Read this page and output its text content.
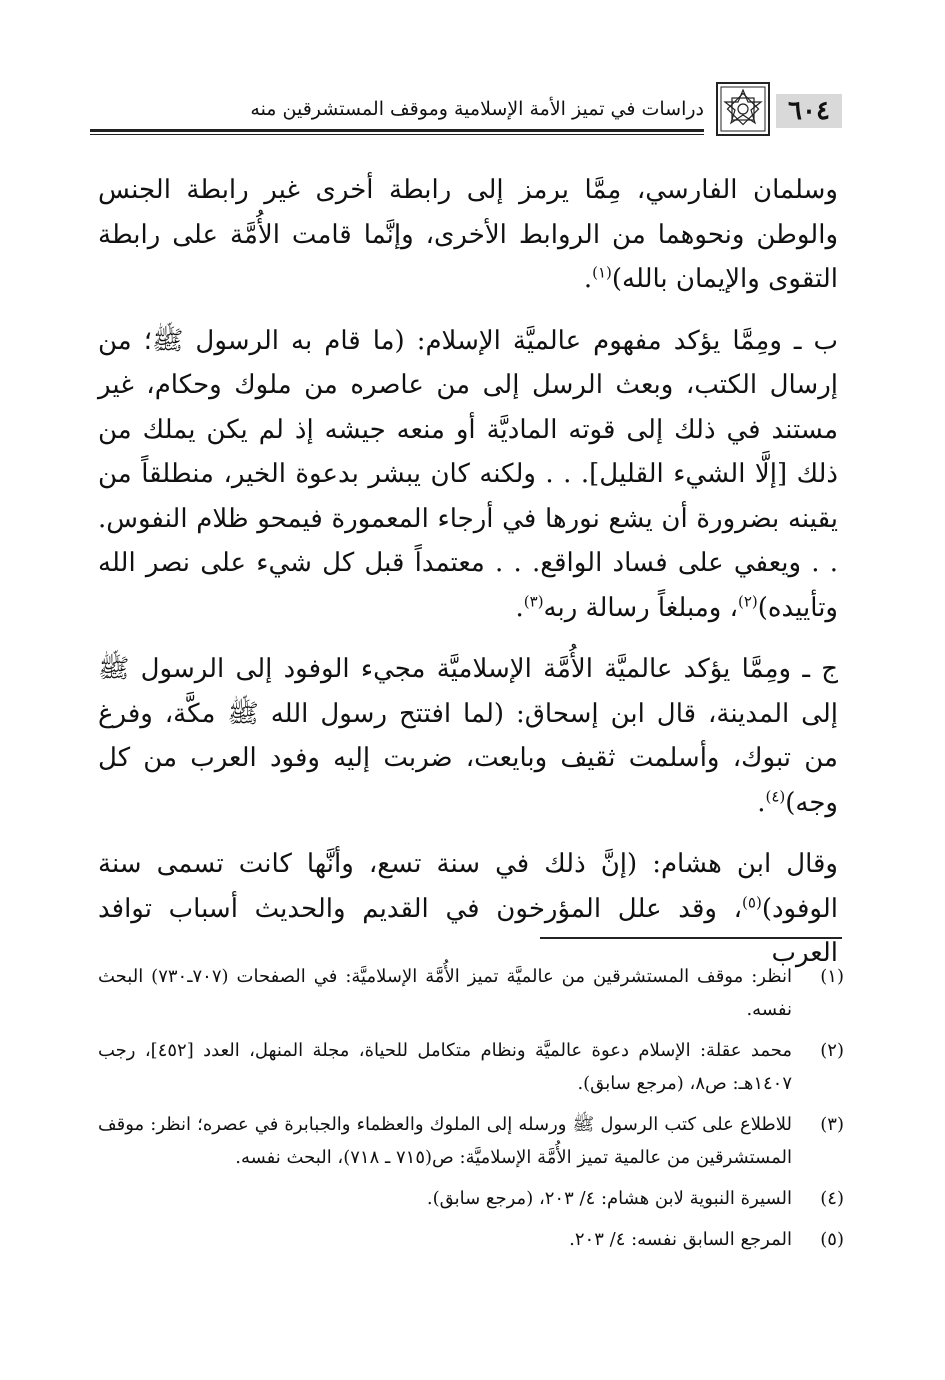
٦٠٤
دراسات في تميز الأمة الإسلامية وموقف المستشرقين منه

وسلمان الفارسي، مِمَّا يرمز إلى رابطة أخرى غير رابطة الجنس والوطن ونحوهما من الروابط الأخرى، وإنَّما قامت الأُمَّة على رابطة التقوى والإيمان بالله)$^{(١)}$.

ب ـ ومِمَّا يؤكد مفهوم عالميَّة الإسلام: (ما قام به الرسول ﷺ؛ من إرسال الكتب، وبعث الرسل إلى من عاصره من ملوك وحكام، غير مستند في ذلك إلى قوته الماديَّة أو منعه جيشه إذ لم يكن يملك من ذلك [إلَّا الشيء القليل]. . . ولكنه كان يبشر بدعوة الخير، منطلقاً من يقينه بضرورة أن يشع نورها في أرجاء المعمورة فيمحو ظلام النفوس. . . ويعفي على فساد الواقع. . . معتمداً قبل كل شيء على نصر الله وتأييده)$^{(٢)}$، ومبلغاً رسالة ربه$^{(٣)}$.

ج ـ ومِمَّا يؤكد عالميَّة الأُمَّة الإسلاميَّة مجيء الوفود إلى الرسول ﷺ إلى المدينة، قال ابن إسحاق: (لما افتتح رسول الله ﷺ مكَّة، وفرغ من تبوك، وأسلمت ثقيف وبايعت، ضربت إليه وفود العرب من كل وجه)$^{(٤)}$.

وقال ابن هشام: (إنَّ ذلك في سنة تسع، وأنَّها كانت تسمى سنة الوفود)$^{(٥)}$، وقد علل المؤرخون في القديم والحديث أسباب توافد العرب

(١)
انظر: موقف المستشرقين من عالميَّة تميز الأُمَّة الإسلاميَّة: في الصفحات (٧٠٧ـ٧٣٠) البحث نفسه.
(٢)
محمد عقلة: الإسلام دعوة عالميَّة ونظام متكامل للحياة، مجلة المنهل، العدد [٤٥٢]، رجب ١٤٠٧هـ: ص٨، (مرجع سابق).
(٣)
للاطلاع على كتب الرسول ﷺ ورسله إلى الملوك والعظماء والجبابرة في عصره؛ انظر: موقف المستشرقين من عالمية تميز الأُمَّة الإسلاميَّة: ص(٧١٥ ـ ٧١٨)، البحث نفسه.
(٤)
السيرة النبوية لابن هشام: ٤/ ٢٠٣، (مرجع سابق).
(٥)
المرجع السابق نفسه: ٤/ ٢٠٣.
